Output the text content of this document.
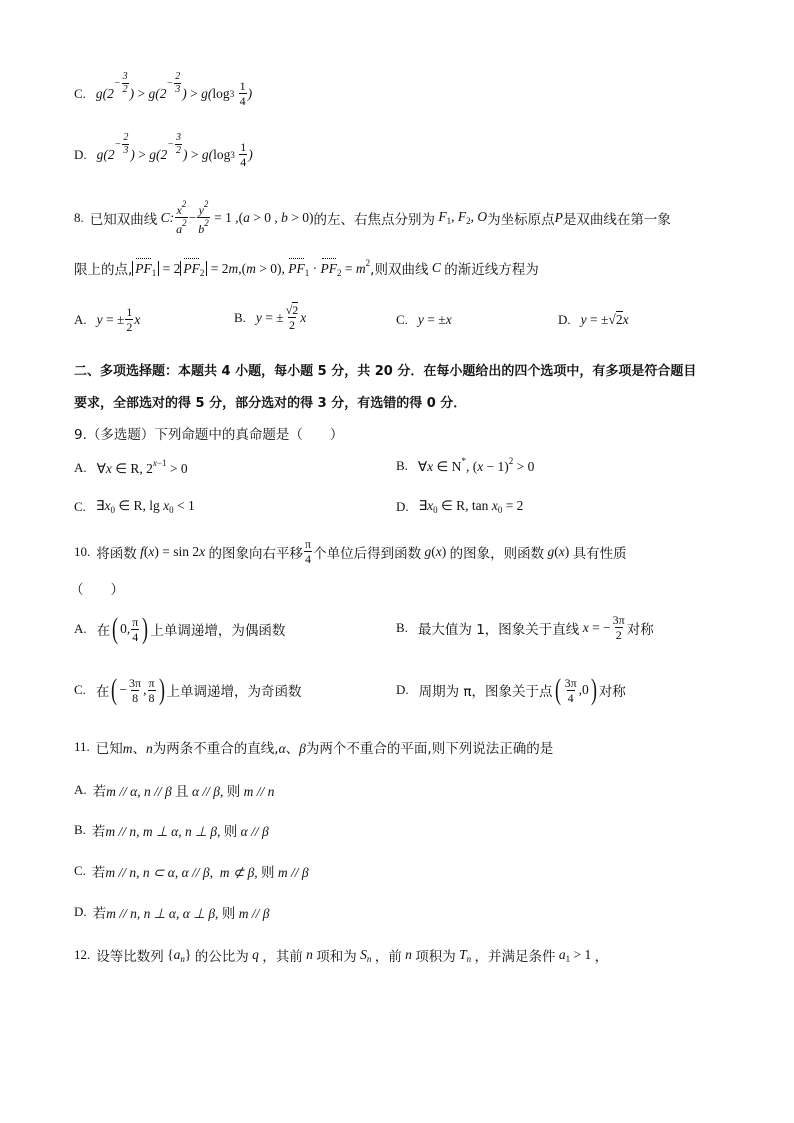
C. g(2
− $\frac{3}{2}$ ) > g(2
− $\frac{2}{3}$ ) > g( log 3
$\frac{1}{4}$ )
D. g(2
− $\frac{2}{3}$ ) > g(2
− $\frac{3}{2}$ ) > g( log 3
$\frac{1}{4}$ )
8. 已知双曲线 C: $\frac{x^2}{a^2} - \frac{y^2}{b^2} = 1$ ,( a > 0 , b > 0) 的左、右焦点分别为 $F_1$, $F_2$, O 为坐标原点 P 是双曲线在第一象
限上的点, $PF_1 = 2$ $PF_2 = 2m,(m > 0)$, $PF_1 \cdot PF_2 = m^2$ ,则双曲线 C 的渐近线方程为
A. y = ± $\frac{1}{2}$ x	B. y = ± $\frac{√2}{2}$ x	C. y = ±x	D. y = ±√2x
二、多项选择题：本题共 4 小题，每小题 5 分，共 20 分．在每小题给出的四个选项中，有多项是符合题目
要求，全部选对的得 5 分，部分选对的得 3 分，有选错的得 0 分．
9.（多选题）下列命题中的真命题是（　　）
A. ∀x ∈ R, $2^{x-1} > 0$	B. ∀x ∈ N*, $(x - 1)^2 > 0$
C. $\exists x_0$ ∈ R, $\lg x_0 < 1$	D. $\exists x_0$ ∈ R, $\tan x_0 = 2$
10. 将函数 f(x) = sin 2x 的图象向右平移 $\frac{\pi}{4}$ 个单位后得到函数 g(x) 的图象，则函数 g(x) 具有性质
（　　）
A. 在 ( 0, $\frac{\pi}{4}$ ) 上单调递增，为偶函数	B. 最大值为 1，图象关于直线
x = − $\frac{3\pi}{2}$ 对称
C. 在 ( − $\frac{3\pi}{8}$ , $\frac{\pi}{8}$ ) 上单调递增，为奇函数	D. 周期为 π，图象关于点 ( $\frac{3\pi}{4} ,0$ ) 对称
11. 已知 m、n 为两条不重合的直线, α、β 为两个不重合的平面,则下列说法正确的是
A. 若 m // α, n // β 且 α // β, 则 m // n
B. 若 m // n, m ⊥ α, n ⊥ β, 则 α // β
C. 若 m // n, n ⊂ α, α // β,  m ⊄ β, 则 m // β
D. 若 m // n, n ⊥ α, α ⊥ β, 则 m // β
12. 设等比数列 $\{a_n\}$ 的公比为 q ，其前 n 项和为 $S_n$ ，前 n 项积为 $T_n$ ，并满足条件 $a_1 > 1$ ，
